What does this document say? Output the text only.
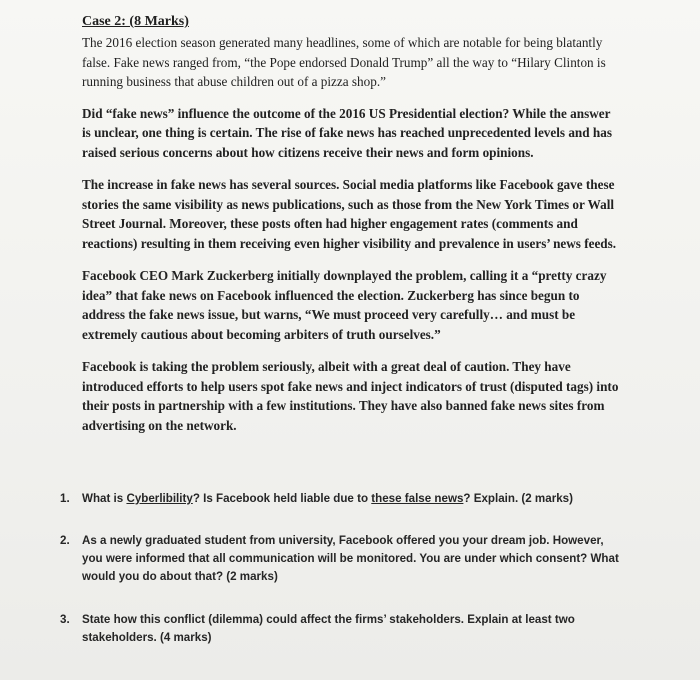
Case 2: (8 Marks)

The 2016 election season generated many headlines, some of which are notable for being blatantly false. Fake news ranged from, “the Pope endorsed Donald Trump” all the way to “Hilary Clinton is running business that abuse children out of a pizza shop.”

Did “fake news” influence the outcome of the 2016 US Presidential election? While the answer is unclear, one thing is certain. The rise of fake news has reached unprecedented levels and has raised serious concerns about how citizens receive their news and form opinions.

The increase in fake news has several sources. Social media platforms like Facebook gave these stories the same visibility as news publications, such as those from the New York Times or Wall Street Journal. Moreover, these posts often had higher engagement rates (comments and reactions) resulting in them receiving even higher visibility and prevalence in users’ news feeds.

Facebook CEO Mark Zuckerberg initially downplayed the problem, calling it a “pretty crazy idea” that fake news on Facebook influenced the election. Zuckerberg has since begun to address the fake news issue, but warns, “We must proceed very carefully… and must be extremely cautious about becoming arbiters of truth ourselves.”

Facebook is taking the problem seriously, albeit with a great deal of caution. They have introduced efforts to help users spot fake news and inject indicators of trust (disputed tags) into their posts in partnership with a few institutions. They have also banned fake news sites from advertising on the network.

1. What is Cyberlibility? Is Facebook held liable due to these false news? Explain. (2 marks)
2. As a newly graduated student from university, Facebook offered you your dream job. However, you were informed that all communication will be monitored. You are under which consent? What would you do about that? (2 marks)
3. State how this conflict (dilemma) could affect the firms’ stakeholders. Explain at least two stakeholders. (4 marks)
